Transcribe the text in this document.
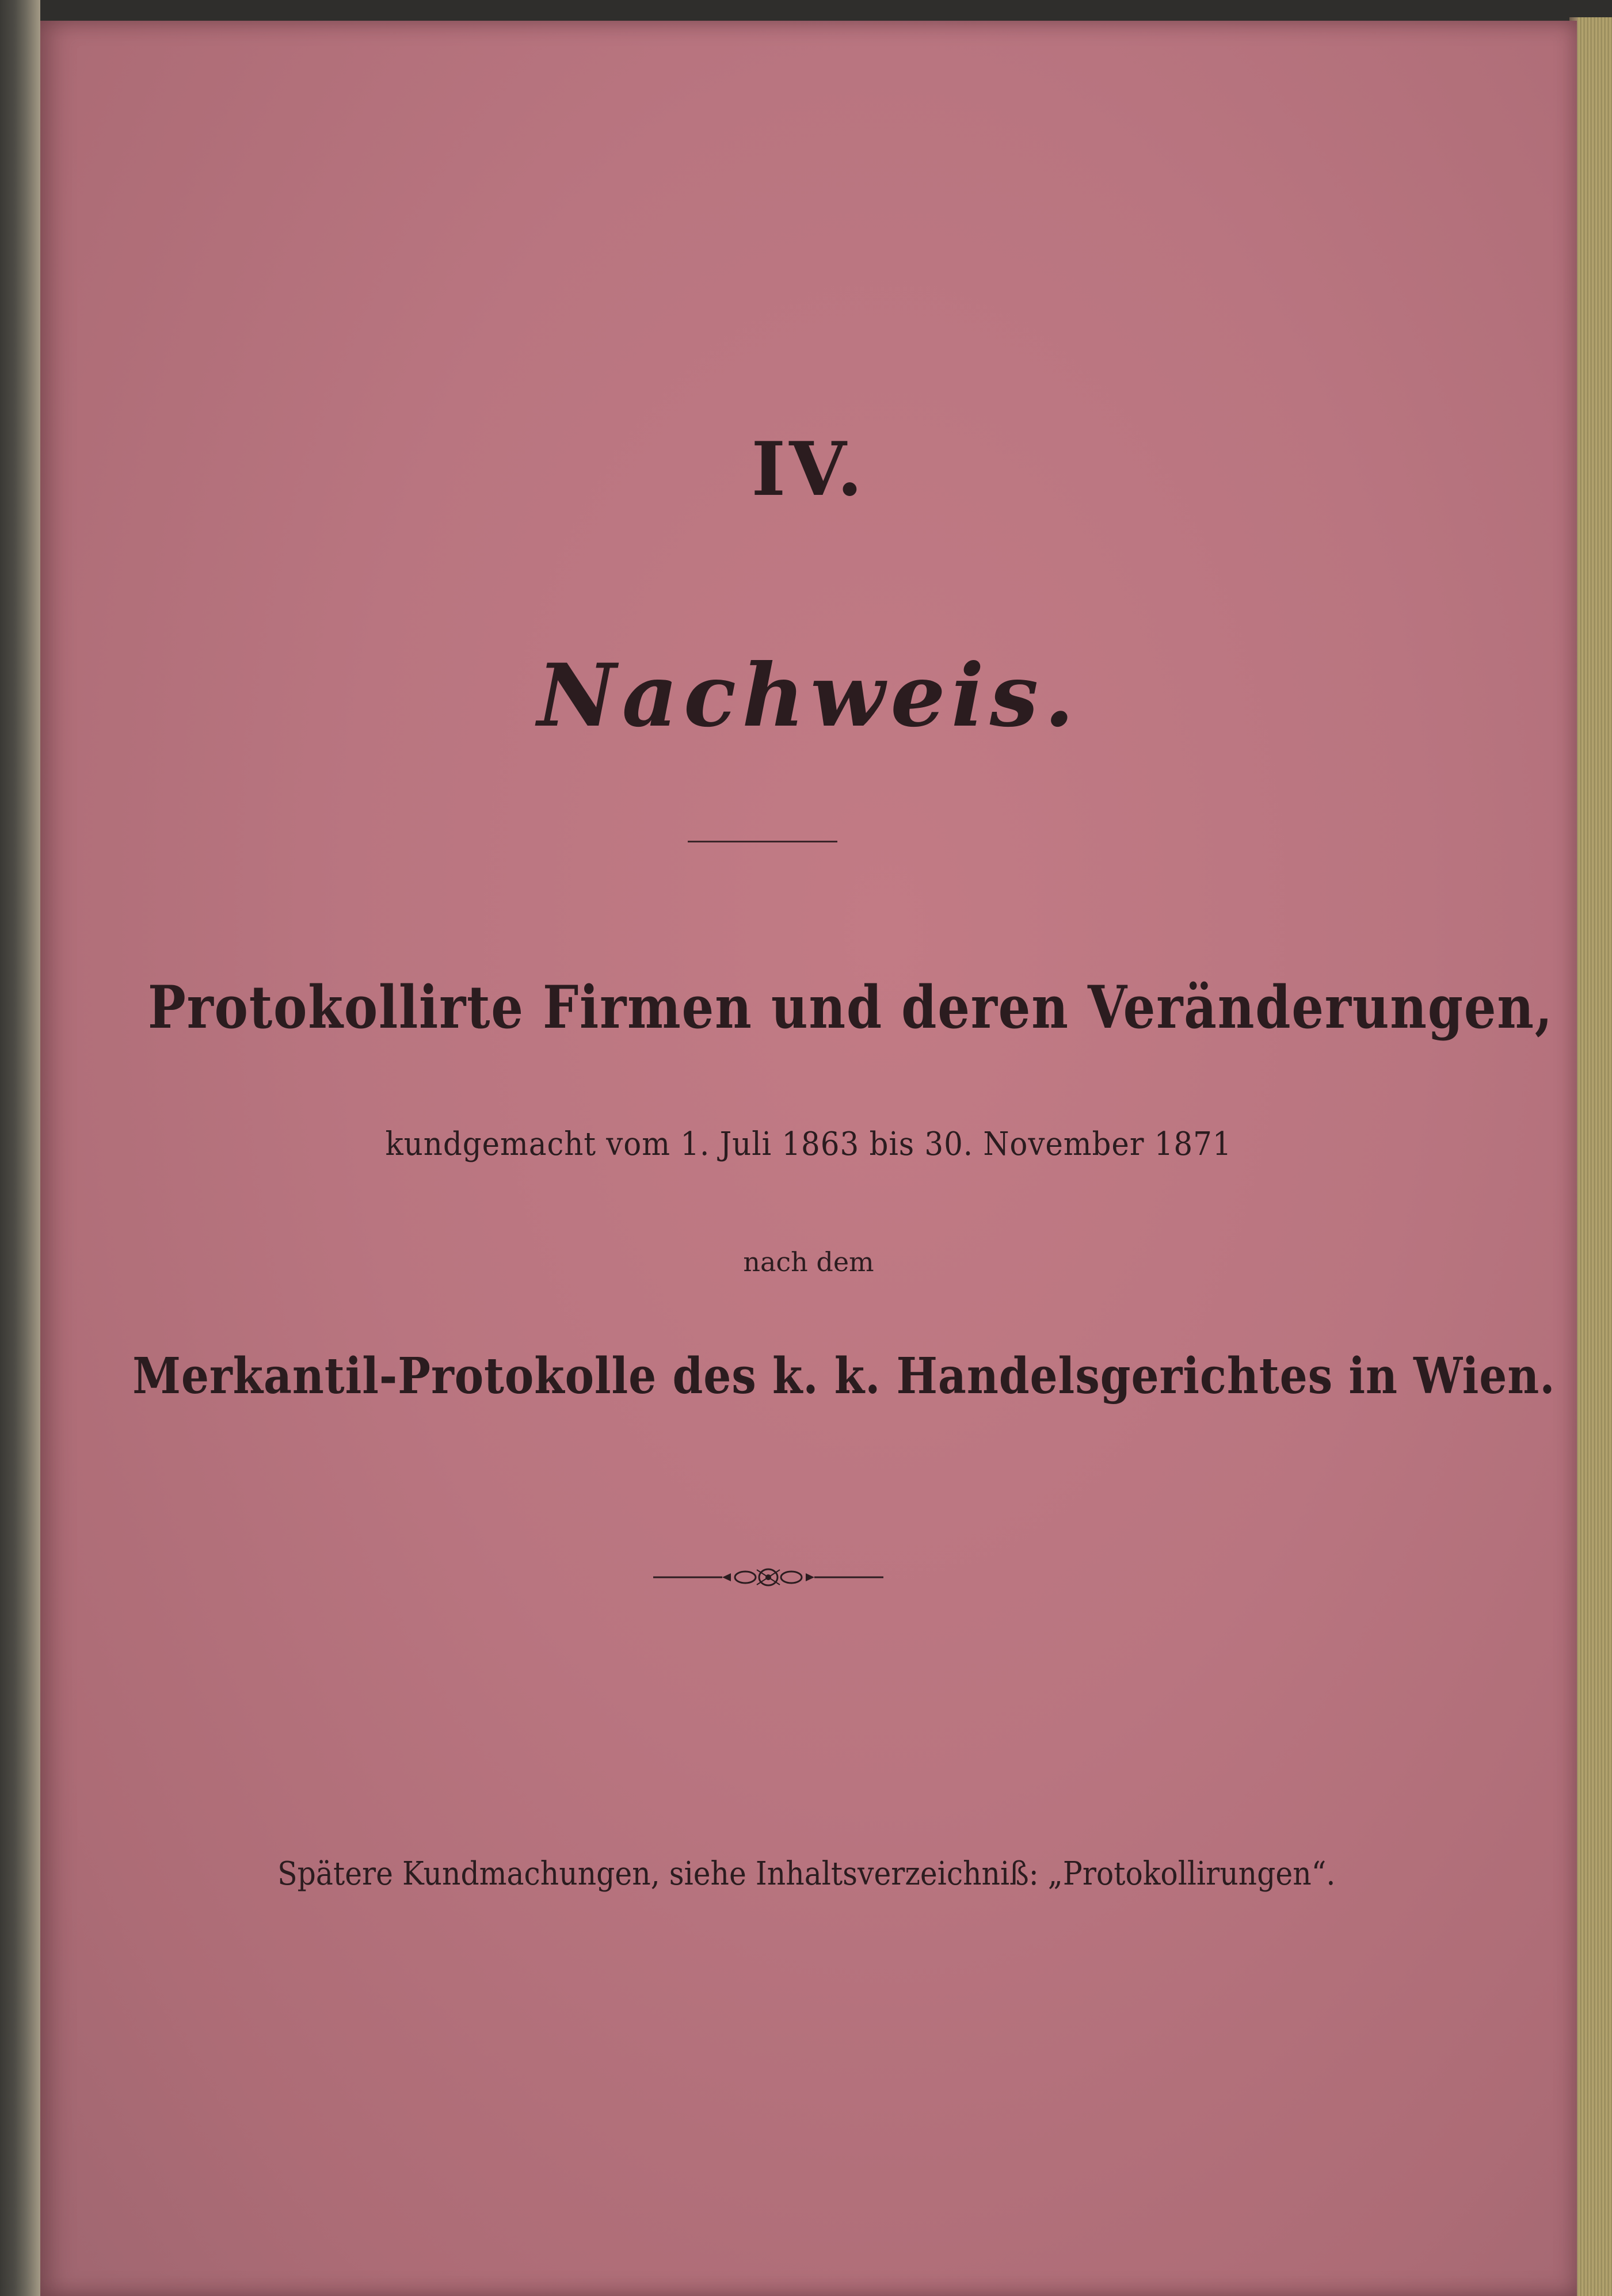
IV.
Nachweis.
Protokollirte Firmen und deren Veränderungen,
kundgemacht vom 1. Juli 1863 bis 30. November 1871
nach dem
Merkantil-Protokolle des k. k. Handelsgerichtes in Wien.
Spätere Kundmachungen, siehe Inhaltsverzeichniß: „Protokollirungen“.
